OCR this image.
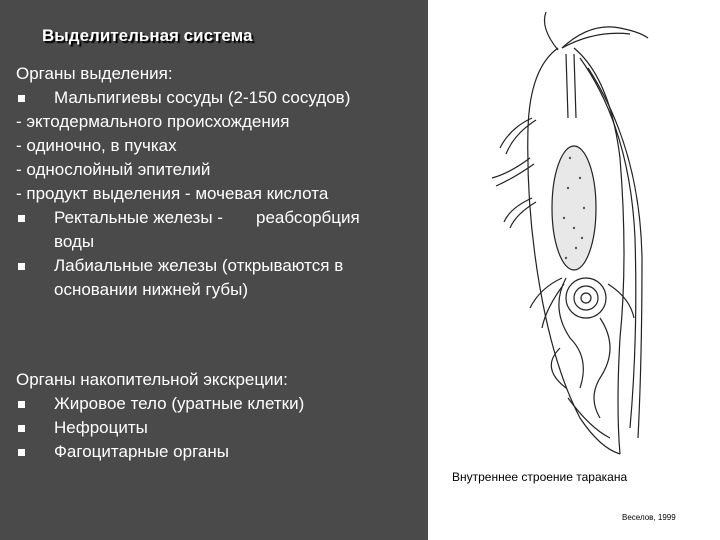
Выделительная система
Органы выделения:
Мальпигиевы сосуды (2-150 сосудов)
- эктодермального происхождения
- одиночно, в пучках
- однослойный эпителий
- продукт выделения - мочевая кислота
Ректальные железы -       реабсорбция
воды
Лабиальные железы (открываются в
основании нижней губы)
Органы накопительной экскреции:
Жировое тело (уратные клетки)
Нефроциты
Фагоцитарные органы
Внутреннее строение таракана
Веселов, 1999
